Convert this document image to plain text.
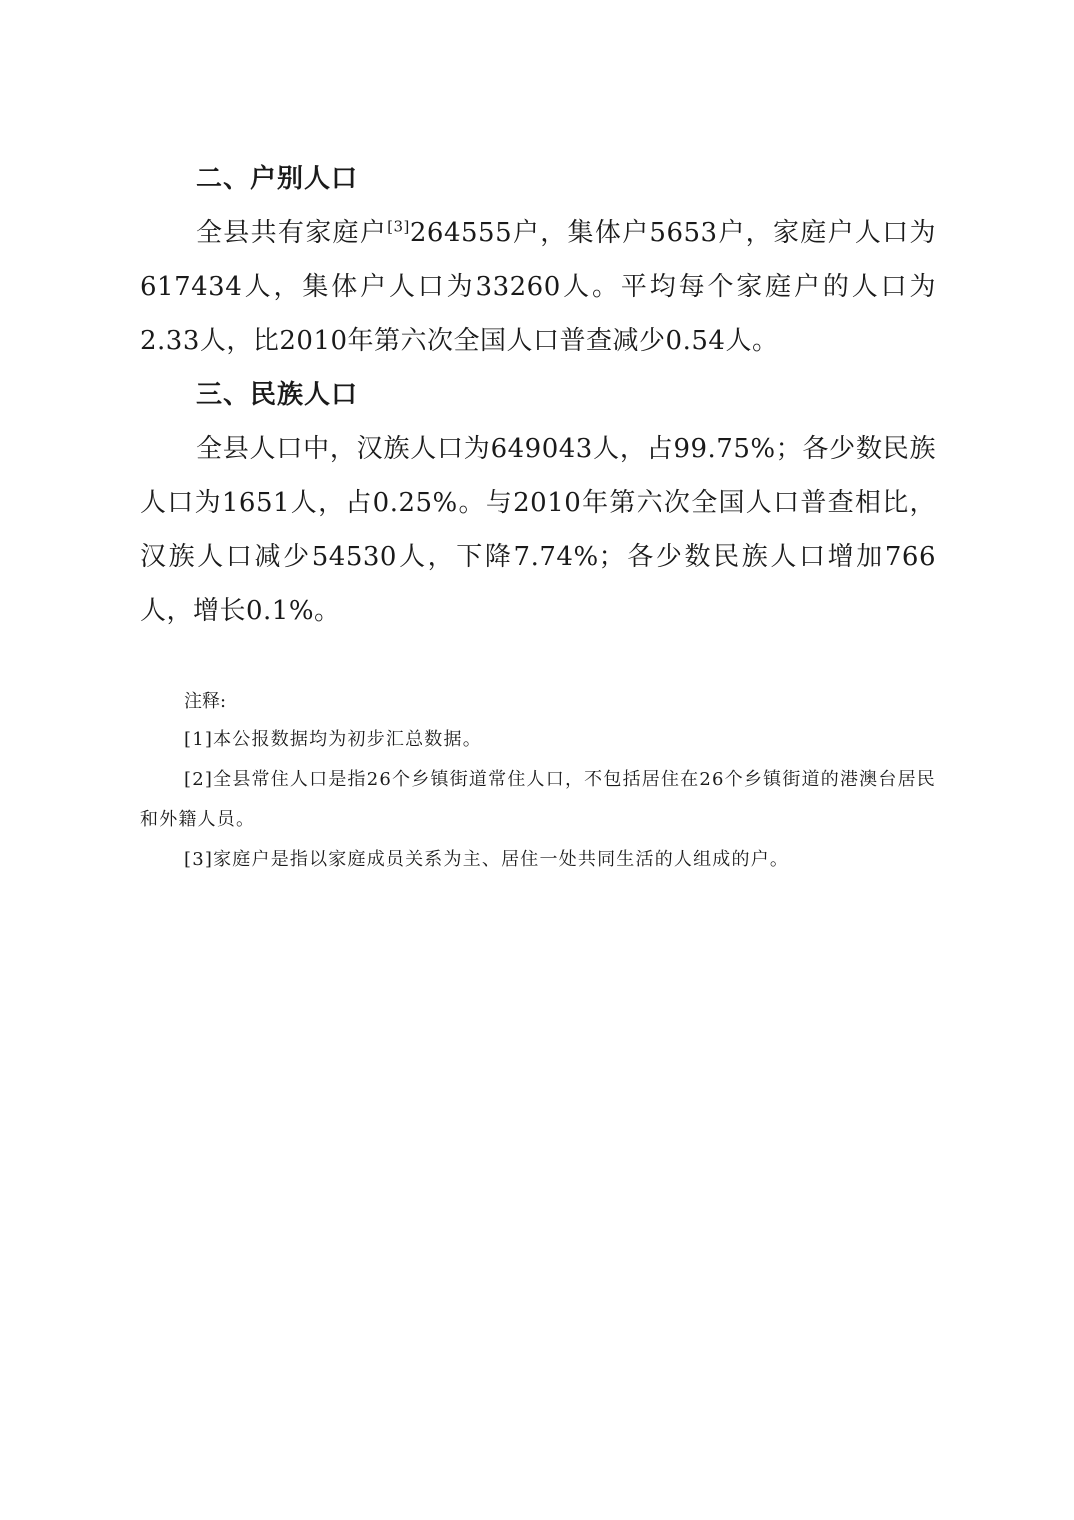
二、户别人口

全县共有家庭户[3]264555户，集体户5653户，家庭户人口为617434人，集体户人口为33260人。平均每个家庭户的人口为2.33人，比2010年第六次全国人口普查减少0.54人。

三、民族人口

全县人口中，汉族人口为649043人，占99.75%；各少数民族人口为1651人，占0.25%。与2010年第六次全国人口普查相比，汉族人口减少54530人，下降7.74%；各少数民族人口增加766人，增长0.1%。

注释:

[1]本公报数据均为初步汇总数据。

[2]全县常住人口是指26个乡镇街道常住人口，不包括居住在26个乡镇街道的港澳台居民和外籍人员。

[3]家庭户是指以家庭成员关系为主、居住一处共同生活的人组成的户。
